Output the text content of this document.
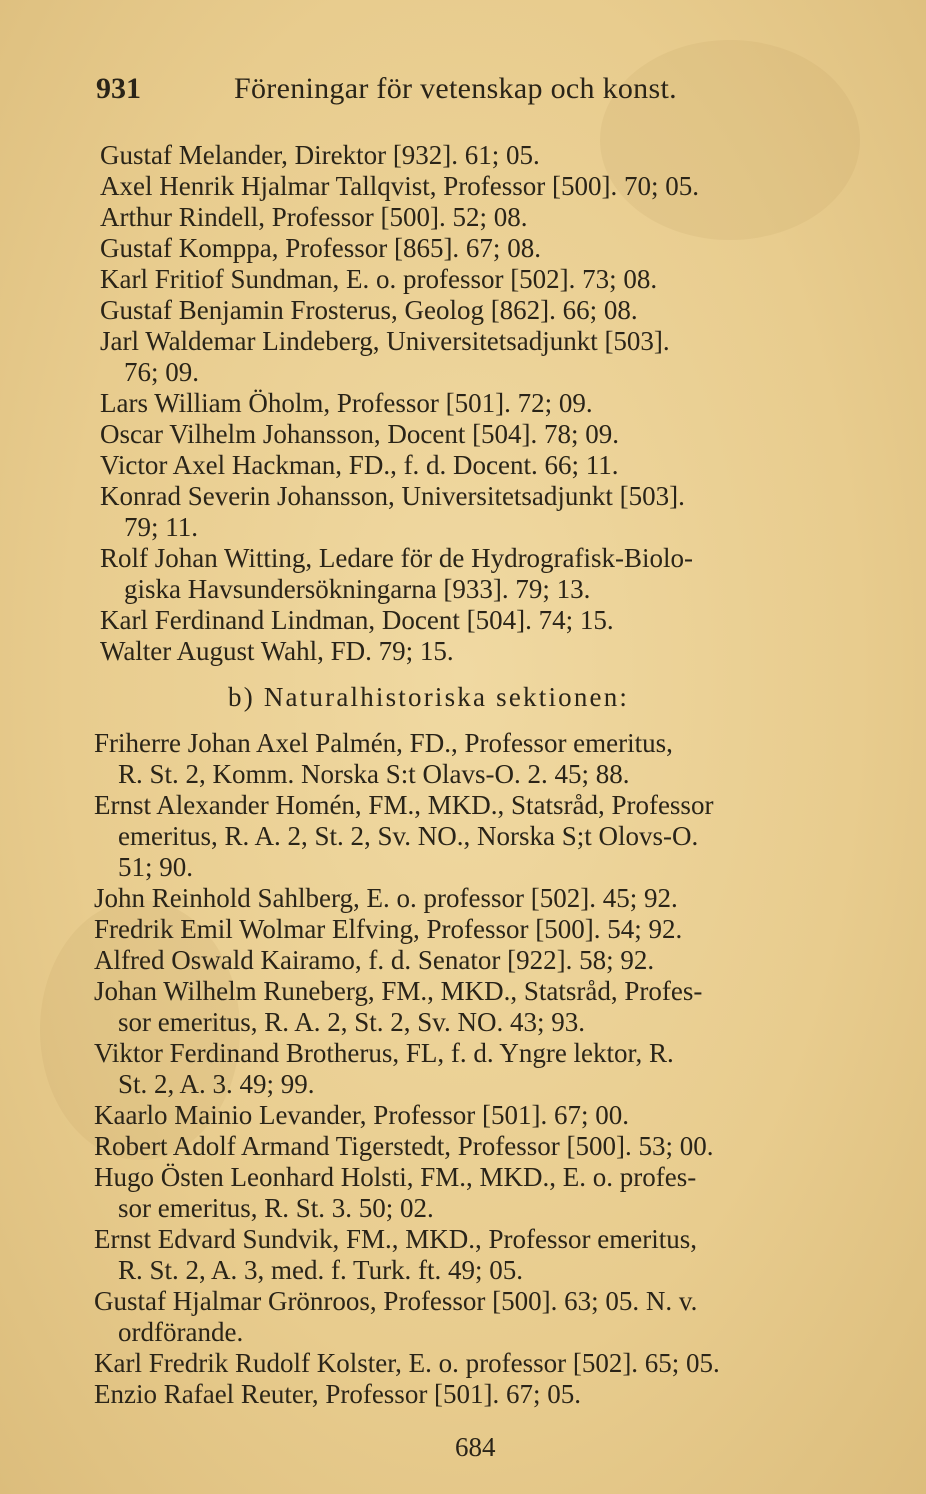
931	Föreningar för vetenskap och konst.

Gustaf Melander, Direktor [932]. 61; 05.

Axel Henrik Hjalmar Tallqvist, Professor [500]. 70; 05.

Arthur Rindell, Professor [500]. 52; 08.

Gustaf Komppa, Professor [865]. 67; 08.

Karl Fritiof Sundman, E. o. professor [502]. 73; 08.

Gustaf Benjamin Frosterus, Geolog [862]. 66; 08.

Jarl Waldemar Lindeberg, Universitetsadjunkt [503].
76; 09.

Lars William Öholm, Professor [501]. 72; 09.

Oscar Vilhelm Johansson, Docent [504]. 78; 09.

Victor Axel Hackman, FD., f. d. Docent. 66; 11.

Konrad Severin Johansson, Universitetsadjunkt [503].
79; 11.

Rolf Johan Witting, Ledare för de Hydrografisk-Biolo-
giska Havsundersökningarna [933]. 79; 13.

Karl Ferdinand Lindman, Docent [504]. 74; 15.

Walter August Wahl, FD. 79; 15.

b) Naturalhistoriska sektionen:

Friherre Johan Axel Palmén, FD., Professor emeritus,
R. St. 2, Komm. Norska S:t Olavs-O. 2. 45; 88.

Ernst Alexander Homén, FM., MKD., Statsråd, Professor
emeritus, R. A. 2, St. 2, Sv. NO., Norska S;t Olovs-O.
51; 90.

John Reinhold Sahlberg, E. o. professor [502]. 45; 92.

Fredrik Emil Wolmar Elfving, Professor [500]. 54; 92.

Alfred Oswald Kairamo, f. d. Senator [922]. 58; 92.

Johan Wilhelm Runeberg, FM., MKD., Statsråd, Profes-
sor emeritus, R. A. 2, St. 2, Sv. NO. 43; 93.

Viktor Ferdinand Brotherus, FL, f. d. Yngre lektor, R.
St. 2, A. 3. 49; 99.

Kaarlo Mainio Levander, Professor [501]. 67; 00.

Robert Adolf Armand Tigerstedt, Professor [500]. 53; 00.

Hugo Östen Leonhard Holsti, FM., MKD., E. o. profes-
sor emeritus, R. St. 3. 50; 02.

Ernst Edvard Sundvik, FM., MKD., Professor emeritus,
R. St. 2, A. 3, med. f. Turk. ft. 49; 05.

Gustaf Hjalmar Grönroos, Professor [500]. 63; 05. N. v.
ordförande.

Karl Fredrik Rudolf Kolster, E. o. professor [502]. 65; 05.

Enzio Rafael Reuter, Professor [501]. 67; 05.

684
